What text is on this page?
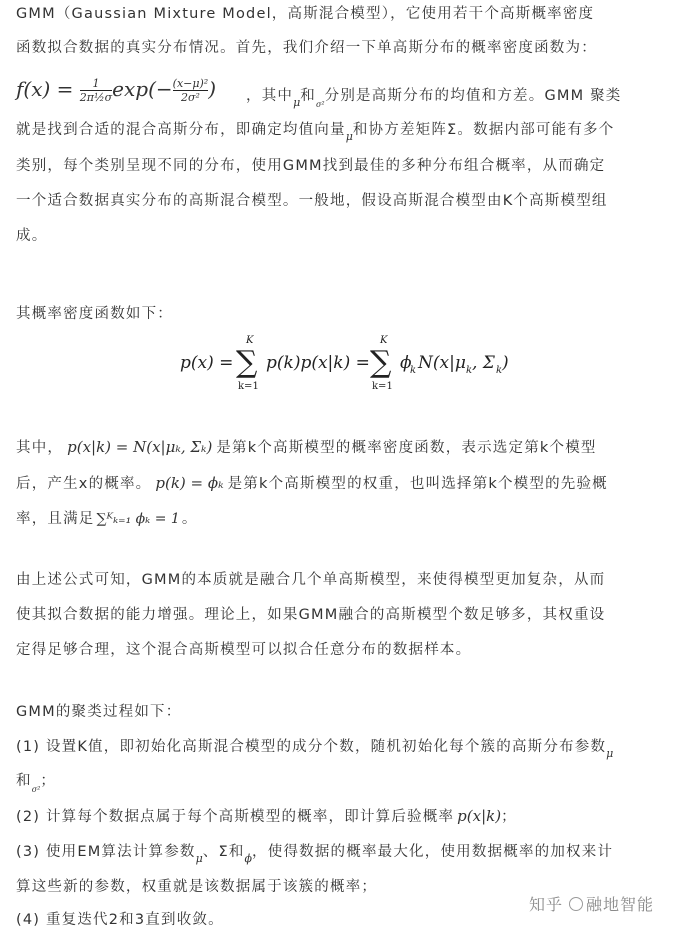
GMM（Gaussian Mixture Model，高斯混合模型），它使用若干个高斯概率密度
函数拟合数据的真实分布情况。首先，我们介绍一下单高斯分布的概率密度函数为：
$f(x) = \frac{1}{\text{2π½σ}} \exp(- \frac{\text{(x−μ)²}}{\text{2σ²}}$ ) ，其中$_\mu$和$_{\sigma^2}$分别是高斯分布的均值和方差。GMM 聚类
就是找到合适的混合高斯分布，即确定均值向量$_\mu$和协方差矩阵Σ。数据内部可能有多个
类别，每个类别呈现不同的分布，使用GMM找到最佳的多种分布组合概率，从而确定
一个适合数据真实分布的高斯混合模型。一般地，假设高斯混合模型由K个高斯模型组
成。
其概率密度函数如下：
p(x) = ∑
K
k=1
p(k)p(x|k) = ∑
K
k=1
ϕ
k N(x|μ k , Σ k )
其中， p(x|k) = N(x|μₖ, Σₖ) 是第k个高斯模型的概率密度函数，表示选定第k个模型
后，产生x的概率。 p(k) = ϕₖ 是第k个高斯模型的权重，也叫选择第k个模型的先验概
率，且满足 ∑ᴷₖ₌₁ ϕₖ = 1 。
由上述公式可知，GMM的本质就是融合几个单高斯模型，来使得模型更加复杂，从而
使其拟合数据的能力增强。理论上，如果GMM融合的高斯模型个数足够多，其权重设
定得足够合理，这个混合高斯模型可以拟合任意分布的数据样本。
GMM的聚类过程如下：
(1) 设置K值，即初始化高斯混合模型的成分个数，随机初始化每个簇的高斯分布参数$_\mu$
和$_{\sigma^2}$；
(2) 计算每个数据点属于每个高斯模型的概率，即计算后验概率 p(x|k)；
(3) 使用EM算法计算参数$_\mu$、Σ和$_\phi$，使得数据的概率最大化，使用数据概率的加权来计
算这些新的参数，权重就是该数据属于该簇的概率；
(4) 重复迭代2和3直到收敛。
知乎 融地智能
